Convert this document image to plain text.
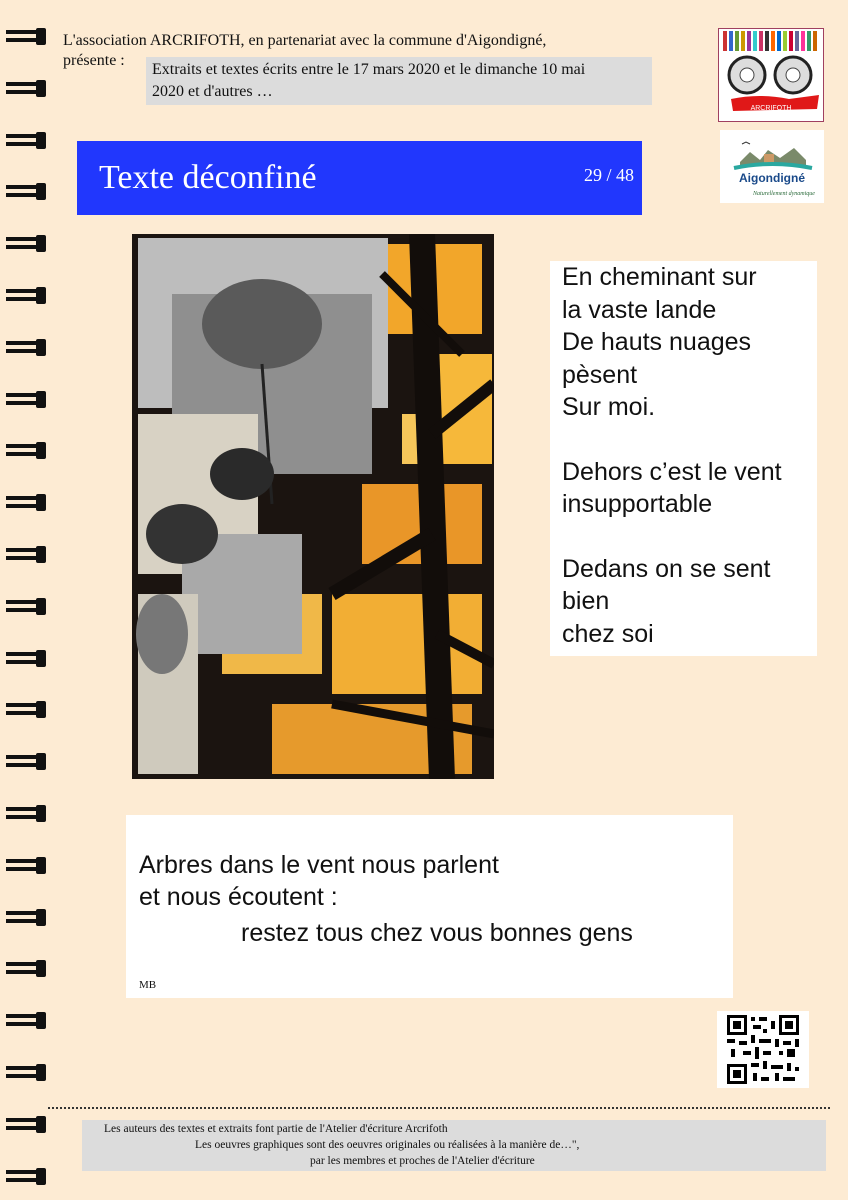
L'association ARCRIFOTH, en partenariat avec la commune d'Aigondigné,
présente :
Extraits et textes écrits entre le 17 mars 2020 et le dimanche 10 mai
2020 et d'autres …
ARCRIFOTH
Aigondigné
Naturellement dynamique
Texte déconfiné	29 / 48
En cheminant sur
la vaste lande
De hauts nuages
pèsent
Sur moi.
Dehors c’est le vent
insupportable
Dedans on se sent
bien
chez soi
Arbres dans le vent nous parlent
et nous écoutent :
restez tous chez vous bonnes gens
MB
Les auteurs des textes et extraits font partie de l'Atelier d'écriture Arcrifoth
Les oeuvres graphiques sont des oeuvres originales ou réalisées à la manière de…",
par les membres et proches de l'Atelier d'écriture
